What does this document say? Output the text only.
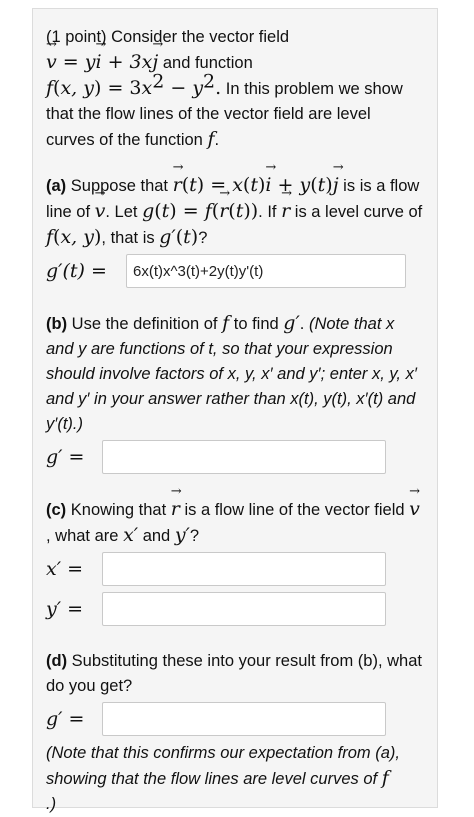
(1 point) Consider the vector field
→ v = y→ i + 3x→ j and function
f(x, $y) = 3x^2 - y^2$. In this problem we show that the flow lines of the vector field are level curves of the function f.

(a) Suppose that → r(t) = x(t)→ i + y(t)→ j is is a flow line of → v. Let g(t) = f(→ r(t)). If → r is a level curve of f(x, y), that is g′(t)?

g′(t) =
6x(t)x^3(t)+2y(t)y'(t)

(b) Use the definition of f to find g′. (Note that x and y are functions of t, so that your expression should involve factors of x, y, x′ and y′; enter x, y, x′ and y′ in your answer rather than x(t), y(t), x′(t) and y′(t).)

g′ =

(c) Knowing that → r is a flow line of the vector field → v, what are x′ and y′?

x′ =
y′ =

(d) Substituting these into your result from (b), what do you get?

g′ =

(Note that this confirms our expectation from (a), showing that the flow lines are level curves of f
.)
